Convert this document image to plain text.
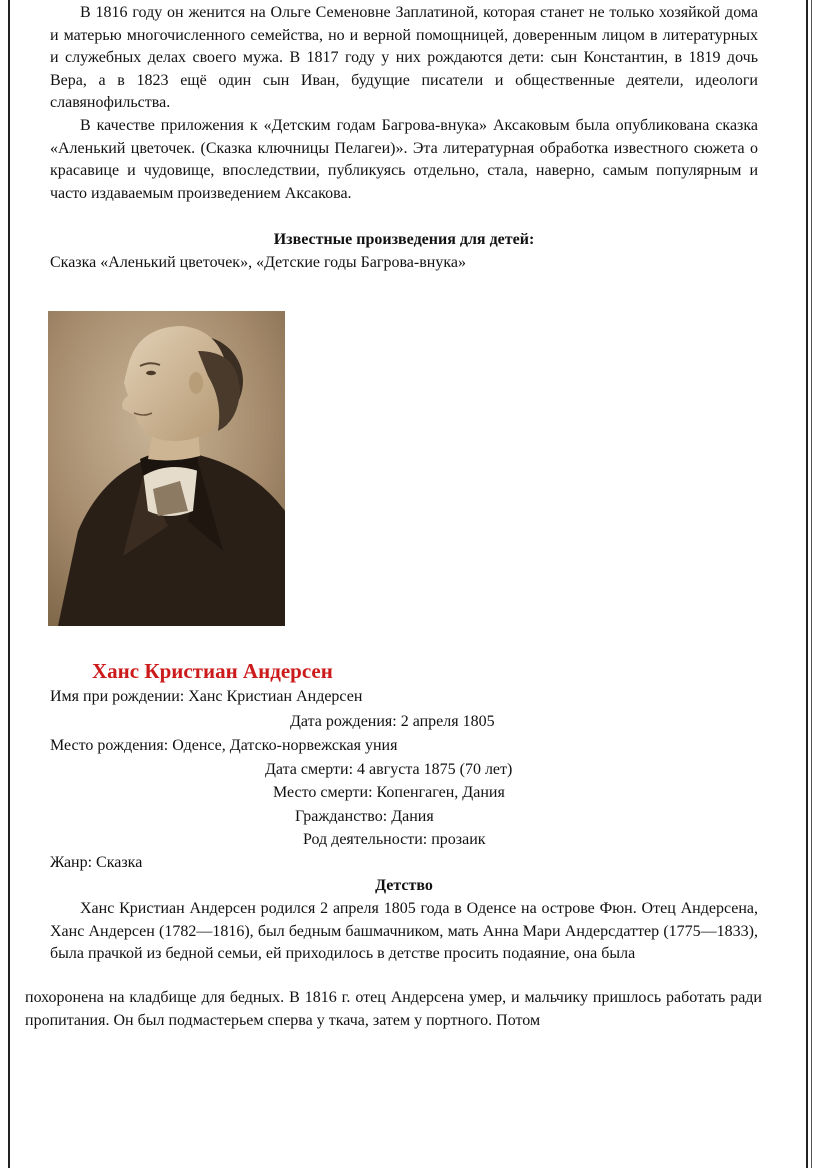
В 1816 году он женится на Ольге Семеновне Заплатиной, которая станет не только хозяйкой дома и матерью многочисленного семейства, но и верной помощницей, доверенным лицом в литературных и служебных делах своего мужа. В 1817 году у них рождаются дети: сын Константин, в 1819 дочь Вера, а в 1823 ещё один сын Иван, будущие писатели и общественные деятели, идеологи славянофильства.

В качестве приложения к «Детским годам Багрова-внука» Аксаковым была опубликована сказка «Аленький цветочек. (Сказка ключницы Пелагеи)». Эта литературная обработка известного сюжета о красавице и чудовище, впоследствии, публикуясь отдельно, стала, наверно, самым популярным и часто издаваемым произведением Аксакова.

Известные произведения для детей:
Сказка «Аленький цветочек», «Детские годы Багрова-внука»
Ханс Кристиан Андерсен
Имя при рождении: Ханс Кристиан Андерсен
Дата рождения: 2 апреля 1805
Место рождения: Оденсе, Датско-норвежская уния
Дата смерти: 4 августа 1875 (70 лет)
Место смерти: Копенгаген, Дания
Гражданство: Дания
Род деятельности: прозаик
Жанр: Сказка
Детство

Ханс Кристиан Андерсен родился 2 апреля 1805 года в Оденсе на острове Фюн. Отец Андерсена, Ханс Андерсен (1782—1816), был бедным башмачником, мать Анна Мари Андерсдаттер (1775—1833), была прачкой из бедной семьи, ей приходилось в детстве просить подаяние, она была

похоронена на кладбище для бедных. В 1816 г. отец Андерсена умер, и мальчику пришлось работать ради пропитания. Он был подмастерьем сперва у ткача, затем у портного. Потом
